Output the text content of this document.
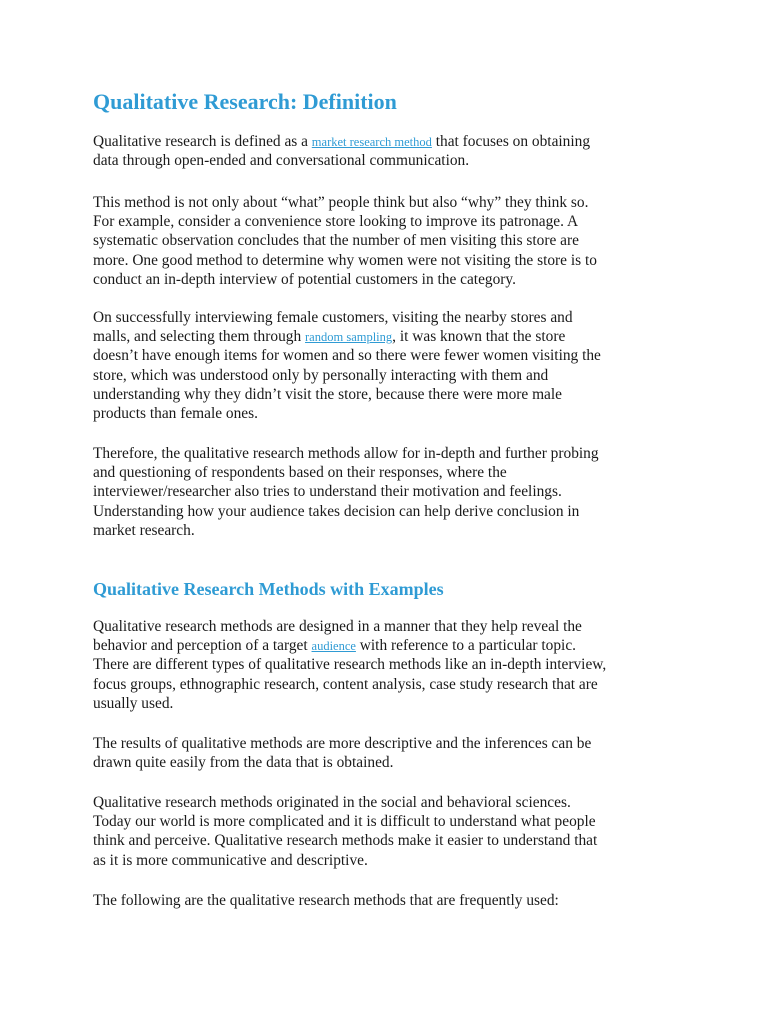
Qualitative Research: Definition

Qualitative research is defined as a market research method that focuses on obtaining
data through open-ended and conversational communication.

This method is not only about “what” people think but also “why” they think so.
For example, consider a convenience store looking to improve its patronage. A
systematic observation concludes that the number of men visiting this store are
more. One good method to determine why women were not visiting the store is to
conduct an in-depth interview of potential customers in the category.

On successfully interviewing female customers, visiting the nearby stores and
malls, and selecting them through random sampling, it was known that the store
doesn’t have enough items for women and so there were fewer women visiting the
store, which was understood only by personally interacting with them and
understanding why they didn’t visit the store, because there were more male
products than female ones.

Therefore, the qualitative research methods allow for in-depth and further probing
and questioning of respondents based on their responses, where the
interviewer/researcher also tries to understand their motivation and feelings.
Understanding how your audience takes decision can help derive conclusion in
market research.

Qualitative Research Methods with Examples

Qualitative research methods are designed in a manner that they help reveal the
behavior and perception of a target audience with reference to a particular topic.
There are different types of qualitative research methods like an in-depth interview,
focus groups, ethnographic research, content analysis, case study research that are
usually used.

The results of qualitative methods are more descriptive and the inferences can be
drawn quite easily from the data that is obtained.

Qualitative research methods originated in the social and behavioral sciences.
Today our world is more complicated and it is difficult to understand what people
think and perceive. Qualitative research methods make it easier to understand that
as it is more communicative and descriptive.

The following are the qualitative research methods that are frequently used:
